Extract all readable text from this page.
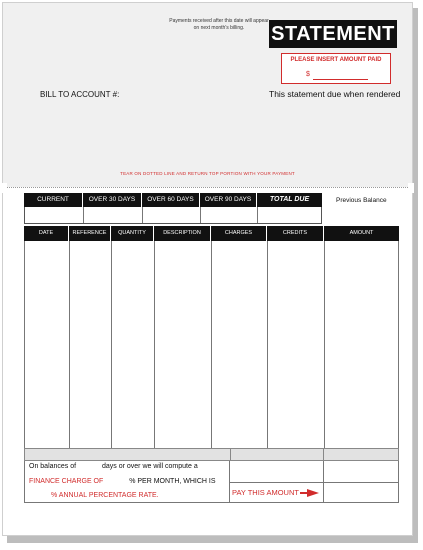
Payments received after this date will appear on next month's billing.	STATEMENT
PLEASE INSERT AMOUNT PAID
$
BILL TO ACCOUNT #:	This statement due when rendered
TEAR ON DOTTED LINE AND RETURN TOP PORTION WITH YOUR PAYMENT
CURRENT	OVER 30 DAYS	OVER 60 DAYS	OVER 90 DAYS	TOTAL DUE	Previous Balance
DATE	REFERENCE	QUANTITY	DESCRIPTION	CHARGES	CREDITS	AMOUNT
On balances of	days or over we will compute a
FINANCE CHARGE OF	% PER MONTH, WHICH IS
% ANNUAL PERCENTAGE RATE.	PAY THIS AMOUNT
